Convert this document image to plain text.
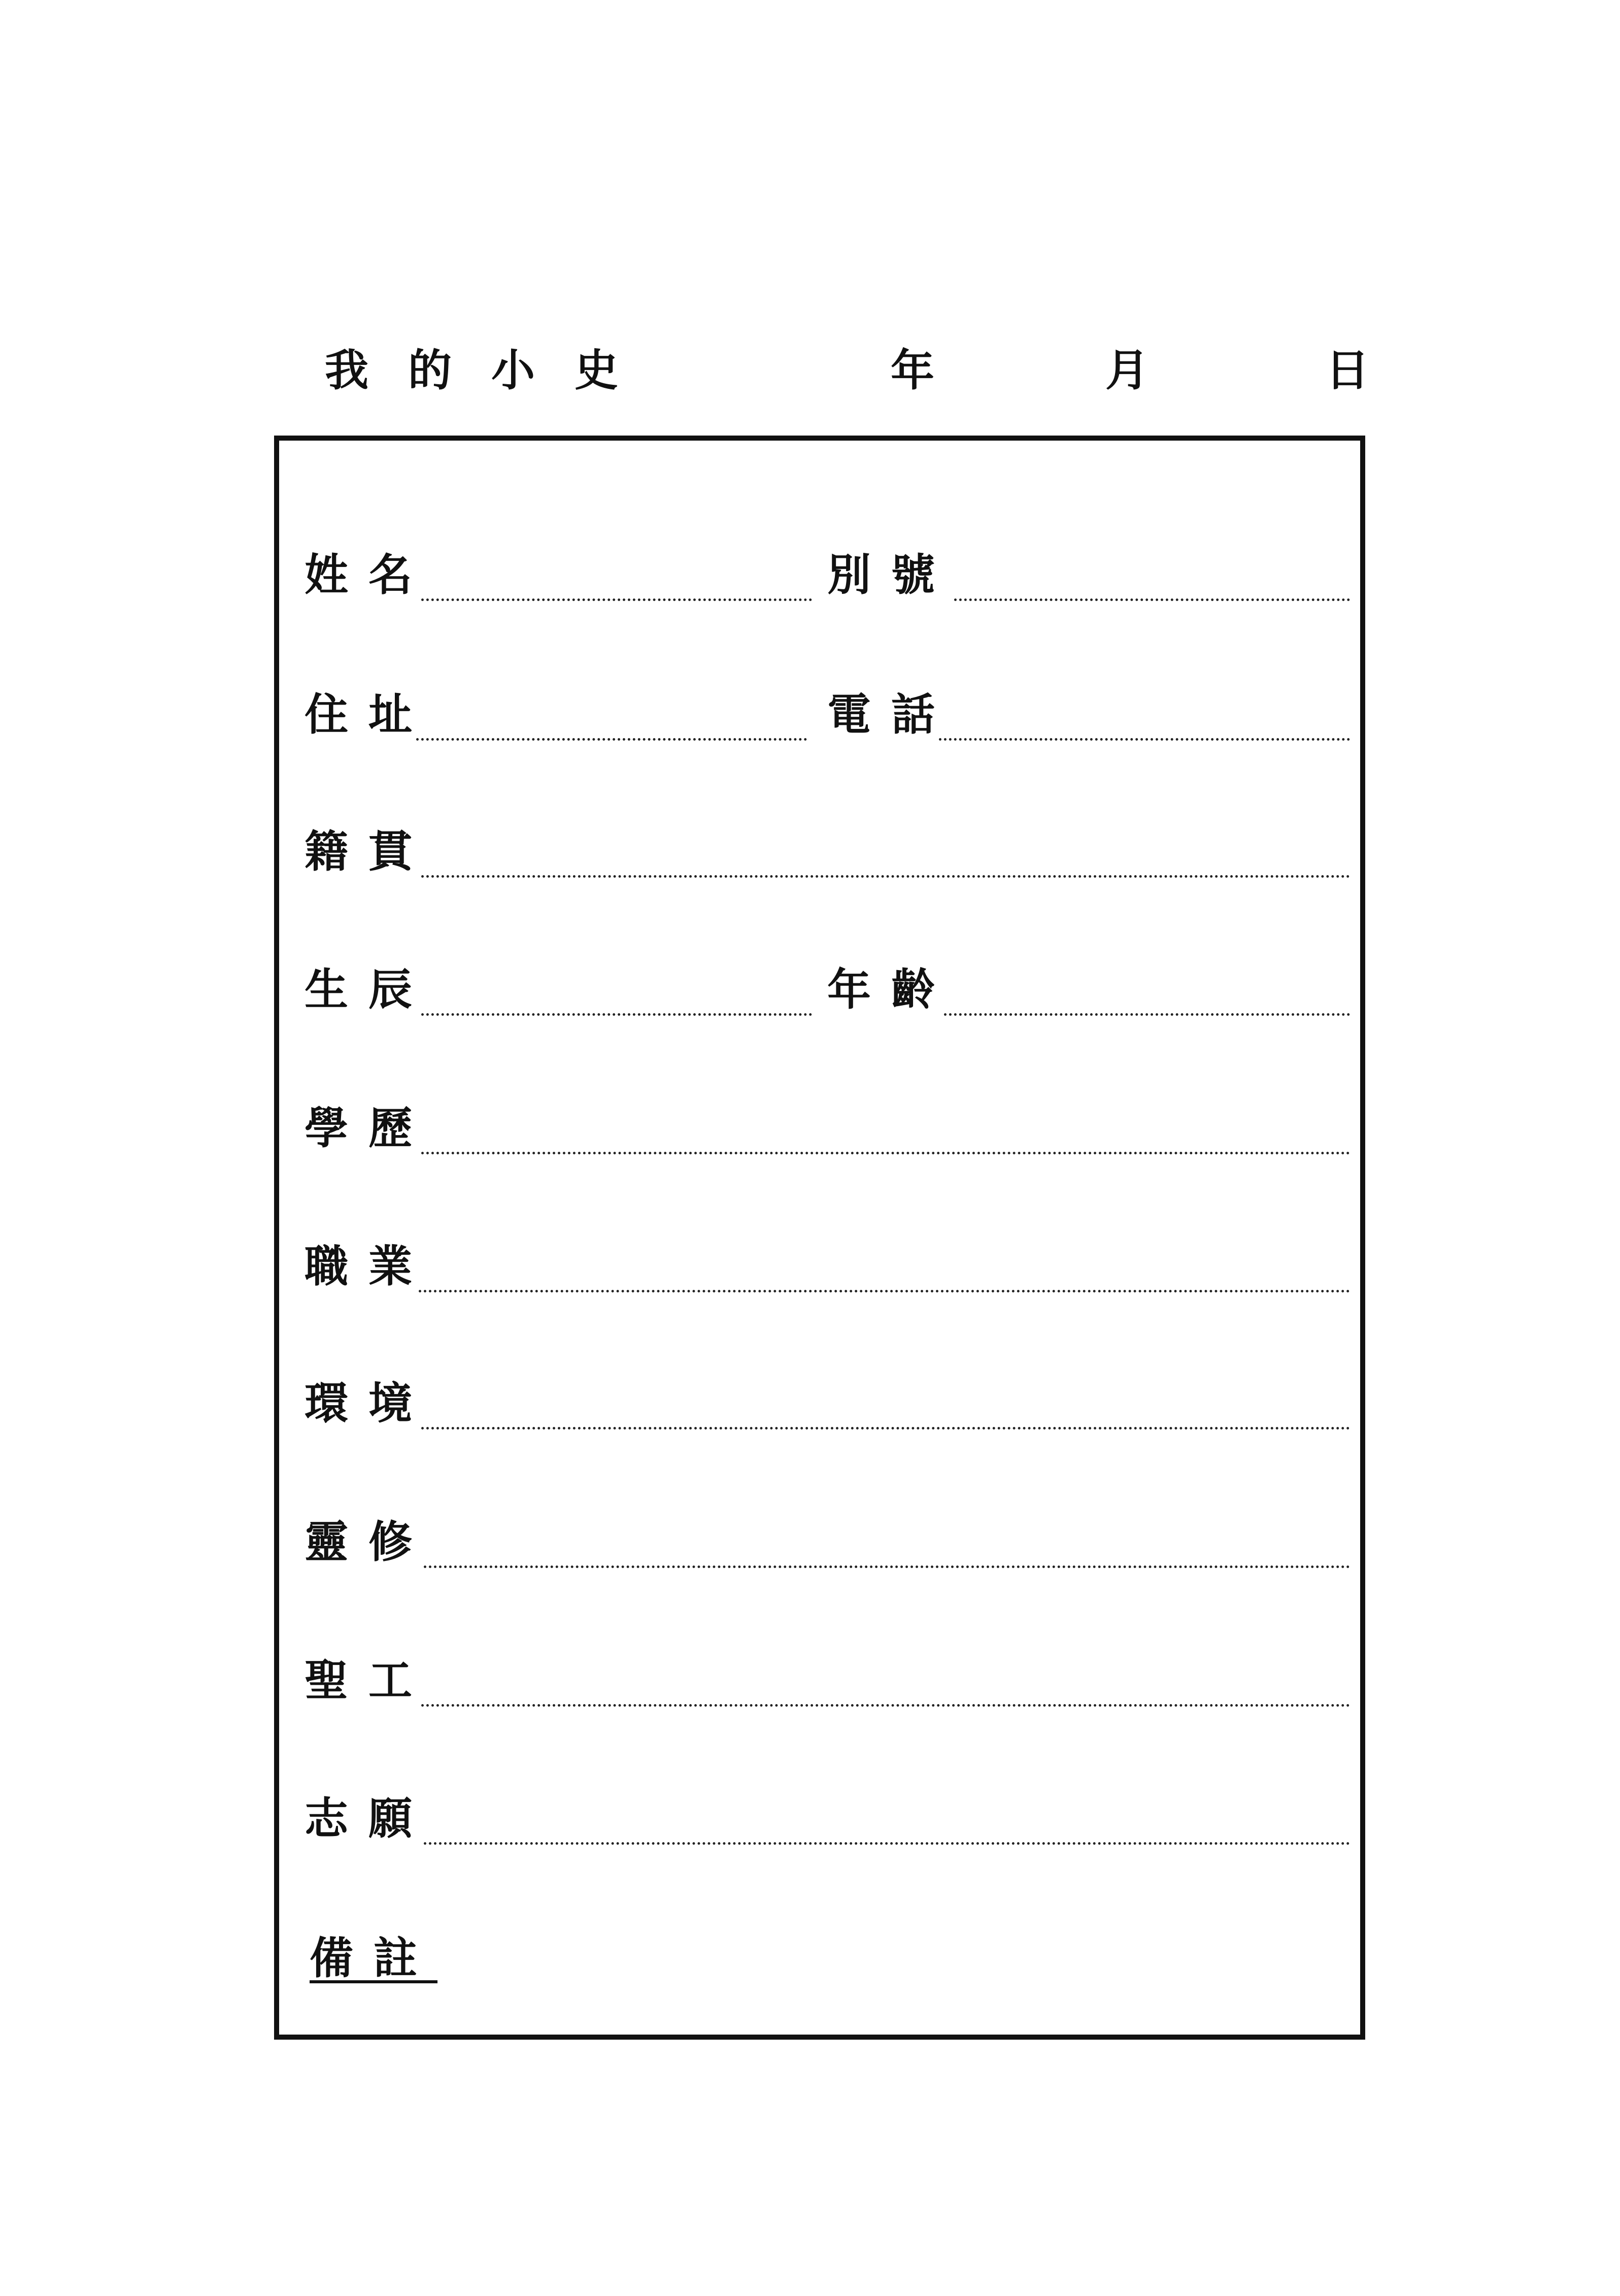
我的小史	年	月	日
姓名	別號
住址	電話
籍貫
生辰	年齡
學歷
職業
環境
靈修
聖工
志願
備註
